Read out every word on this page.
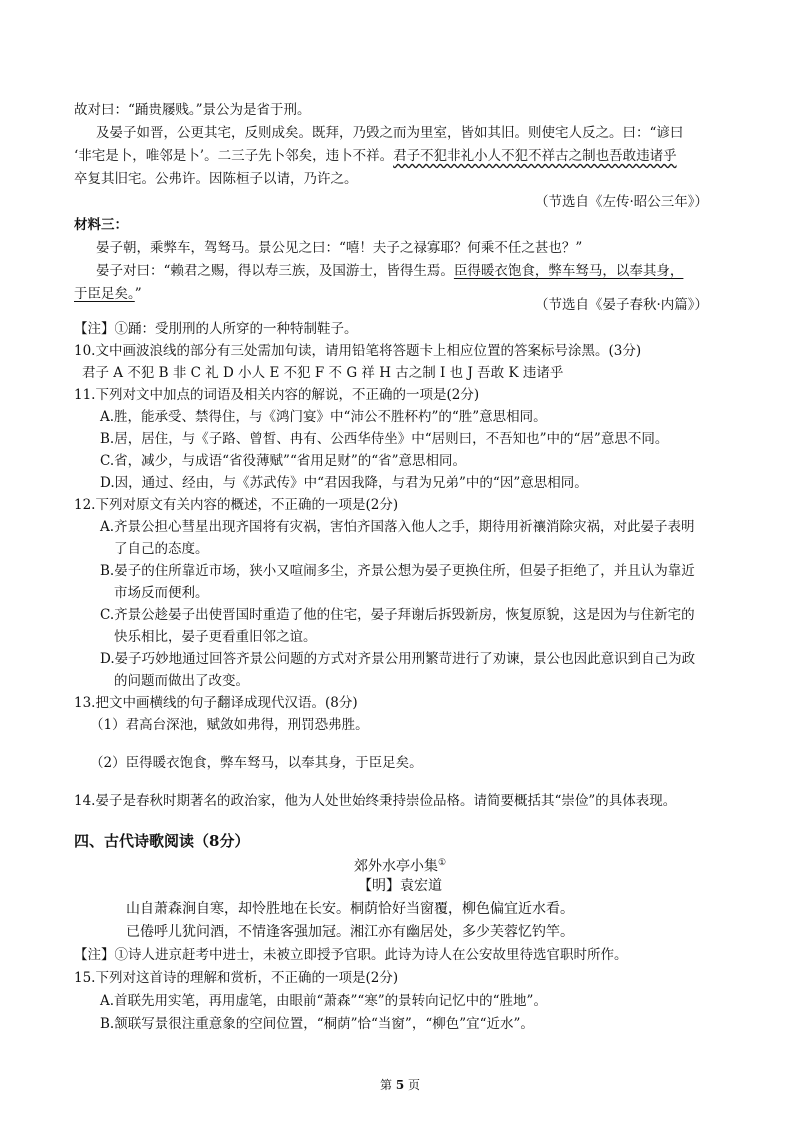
故对曰：“踊贵屦贱。”景公为是省于刑。
及晏子如晋，公更其宅，反则成矣。既拜，乃毁之而为里室，皆如其旧。则使宅人反之。曰：“谚曰
‘非宅是卜，唯邻是卜’。二三子先卜邻矣，违卜不祥。君子不犯非礼小人不犯不祥古之制也吾敢违诸乎
卒复其旧宅。公弗许。因陈桓子以请，乃许之。
（节选自《左传·昭公三年》）
材料三：
晏子朝，乘弊车，驾驽马。景公见之曰：“嘻！夫子之禄寡耶？何乘不任之甚也？”
晏子对曰：“赖君之赐，得以寿三族，及国游士，皆得生焉。臣得暖衣饱食，弊车驽马，以奉其身，
于臣足矣。”
（节选自《晏子春秋·内篇》）
【注】①踊：受刖刑的人所穿的一种特制鞋子。
10.文中画波浪线的部分有三处需加句读，请用铅笔将答题卡上相应位置的答案标号涂黑。(3分)
君子 A 不犯 B 非 C 礼 D 小人 E 不犯 F 不 G 祥 H 古之制 I 也 J 吾敢 K 违诸乎
11.下列对文中加点的词语及相关内容的解说，不正确的一项是(2分)
A.胜，能承受、禁得住，与《鸿门宴》中“沛公不胜杯杓”的“胜”意思相同。
B.居，居住，与《子路、曾皙、冉有、公西华侍坐》中“居则曰，不吾知也”中的“居”意思不同。
C.省，减少，与成语“省役薄赋”“省用足财”的“省”意思相同。
D.因，通过、经由，与《苏武传》中“君因我降，与君为兄弟”中的“因”意思相同。
12.下列对原文有关内容的概述，不正确的一项是(2分)
A.齐景公担心彗星出现齐国将有灾祸，害怕齐国落入他人之手，期待用祈禳消除灾祸，对此晏子表明
了自己的态度。
B.晏子的住所靠近市场，狭小又喧闹多尘，齐景公想为晏子更换住所，但晏子拒绝了，并且认为靠近
市场反而便利。
C.齐景公趁晏子出使晋国时重造了他的住宅，晏子拜谢后拆毁新房，恢复原貌，这是因为与住新宅的
快乐相比，晏子更看重旧邻之谊。
D.晏子巧妙地通过回答齐景公问题的方式对齐景公用刑繁苛进行了劝谏，景公也因此意识到自己为政
的问题而做出了改变。
13.把文中画横线的句子翻译成现代汉语。(8分)
（1）君高台深池，赋敛如弗得，刑罚恐弗胜。
（2）臣得暖衣饱食，弊车驽马，以奉其身，于臣足矣。
14.晏子是春秋时期著名的政治家，他为人处世始终秉持崇俭品格。请简要概括其“崇俭”的具体表现。
四、古代诗歌阅读（8分）
郊外水亭小集①
【明】袁宏道
山自萧森涧自寒，却怜胜地在长安。桐荫恰好当窗覆，柳色偏宜近水看。
已倦呼儿犹问酒，不情逢客强加冠。湘江亦有幽居处，多少芙蓉忆钓竿。
【注】①诗人进京赶考中进士，未被立即授予官职。此诗为诗人在公安故里待选官职时所作。
15.下列对这首诗的理解和赏析，不正确的一项是(2分)
A.首联先用实笔，再用虚笔，由眼前“萧森”“寒”的景转向记忆中的“胜地”。
B.颔联写景很注重意象的空间位置，“桐荫”恰“当窗”，“柳色”宜“近水”。
第 5 页
